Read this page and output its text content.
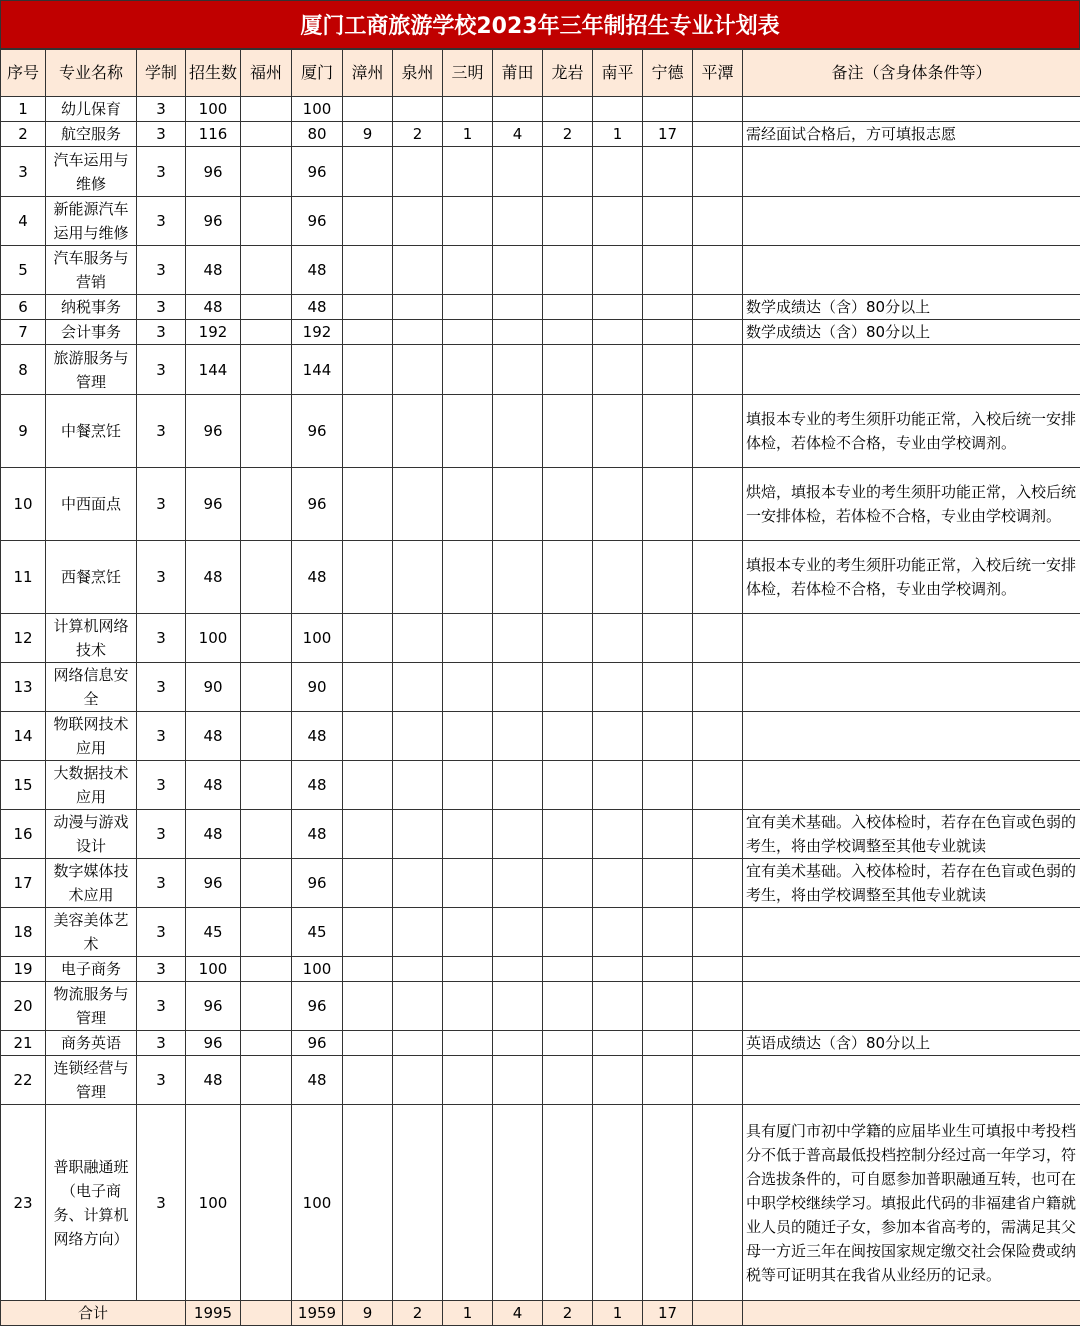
厦门工商旅游学校2023年三年制招生专业计划表
序号	专业名称	学制	招生数	福州	厦门	漳州	泉州	三明	莆田	龙岩	南平	宁德	平潭	备注（含身体条件等）
1	幼儿保育	3	100		100									
2	航空服务	3	116		80	9	2	1	4	2	1	17		需经面试合格后，方可填报志愿
3	汽车运用与维修	3	96		96									
4	新能源汽车运用与维修	3	96		96									
5	汽车服务与营销	3	48		48									
6	纳税事务	3	48		48									数学成绩达（含）80分以上
7	会计事务	3	192		192									数学成绩达（含）80分以上
8	旅游服务与管理	3	144		144									
9	中餐烹饪	3	96		96									填报本专业的考生须肝功能正常，入校后统一安排体检，若体检不合格，专业由学校调剂。
10	中西面点	3	96		96									烘焙，填报本专业的考生须肝功能正常，入校后统一安排体检，若体检不合格，专业由学校调剂。
11	西餐烹饪	3	48		48									填报本专业的考生须肝功能正常，入校后统一安排体检，若体检不合格，专业由学校调剂。
12	计算机网络技术	3	100		100									
13	网络信息安全	3	90		90									
14	物联网技术应用	3	48		48									
15	大数据技术应用	3	48		48									
16	动漫与游戏设计	3	48		48									宜有美术基础。入校体检时，若存在色盲或色弱的考生，将由学校调整至其他专业就读
17	数字媒体技术应用	3	96		96									宜有美术基础。入校体检时，若存在色盲或色弱的考生，将由学校调整至其他专业就读
18	美容美体艺术	3	45		45									
19	电子商务	3	100		100									
20	物流服务与管理	3	96		96									
21	商务英语	3	96		96									英语成绩达（含）80分以上
22	连锁经营与管理	3	48		48									
23	普职融通班（电子商务、计算机网络方向）	3	100		100									具有厦门市初中学籍的应届毕业生可填报中考投档分不低于普高最低投档控制分经过高一年学习，符合选拔条件的，可自愿参加普职融通互转，也可在中职学校继续学习。填报此代码的非福建省户籍就业人员的随迁子女，参加本省高考的，需满足其父母一方近三年在闽按国家规定缴交社会保险费或纳税等可证明其在我省从业经历的记录。
合计			1995		1959	9	2	1	4	2	1	17		
